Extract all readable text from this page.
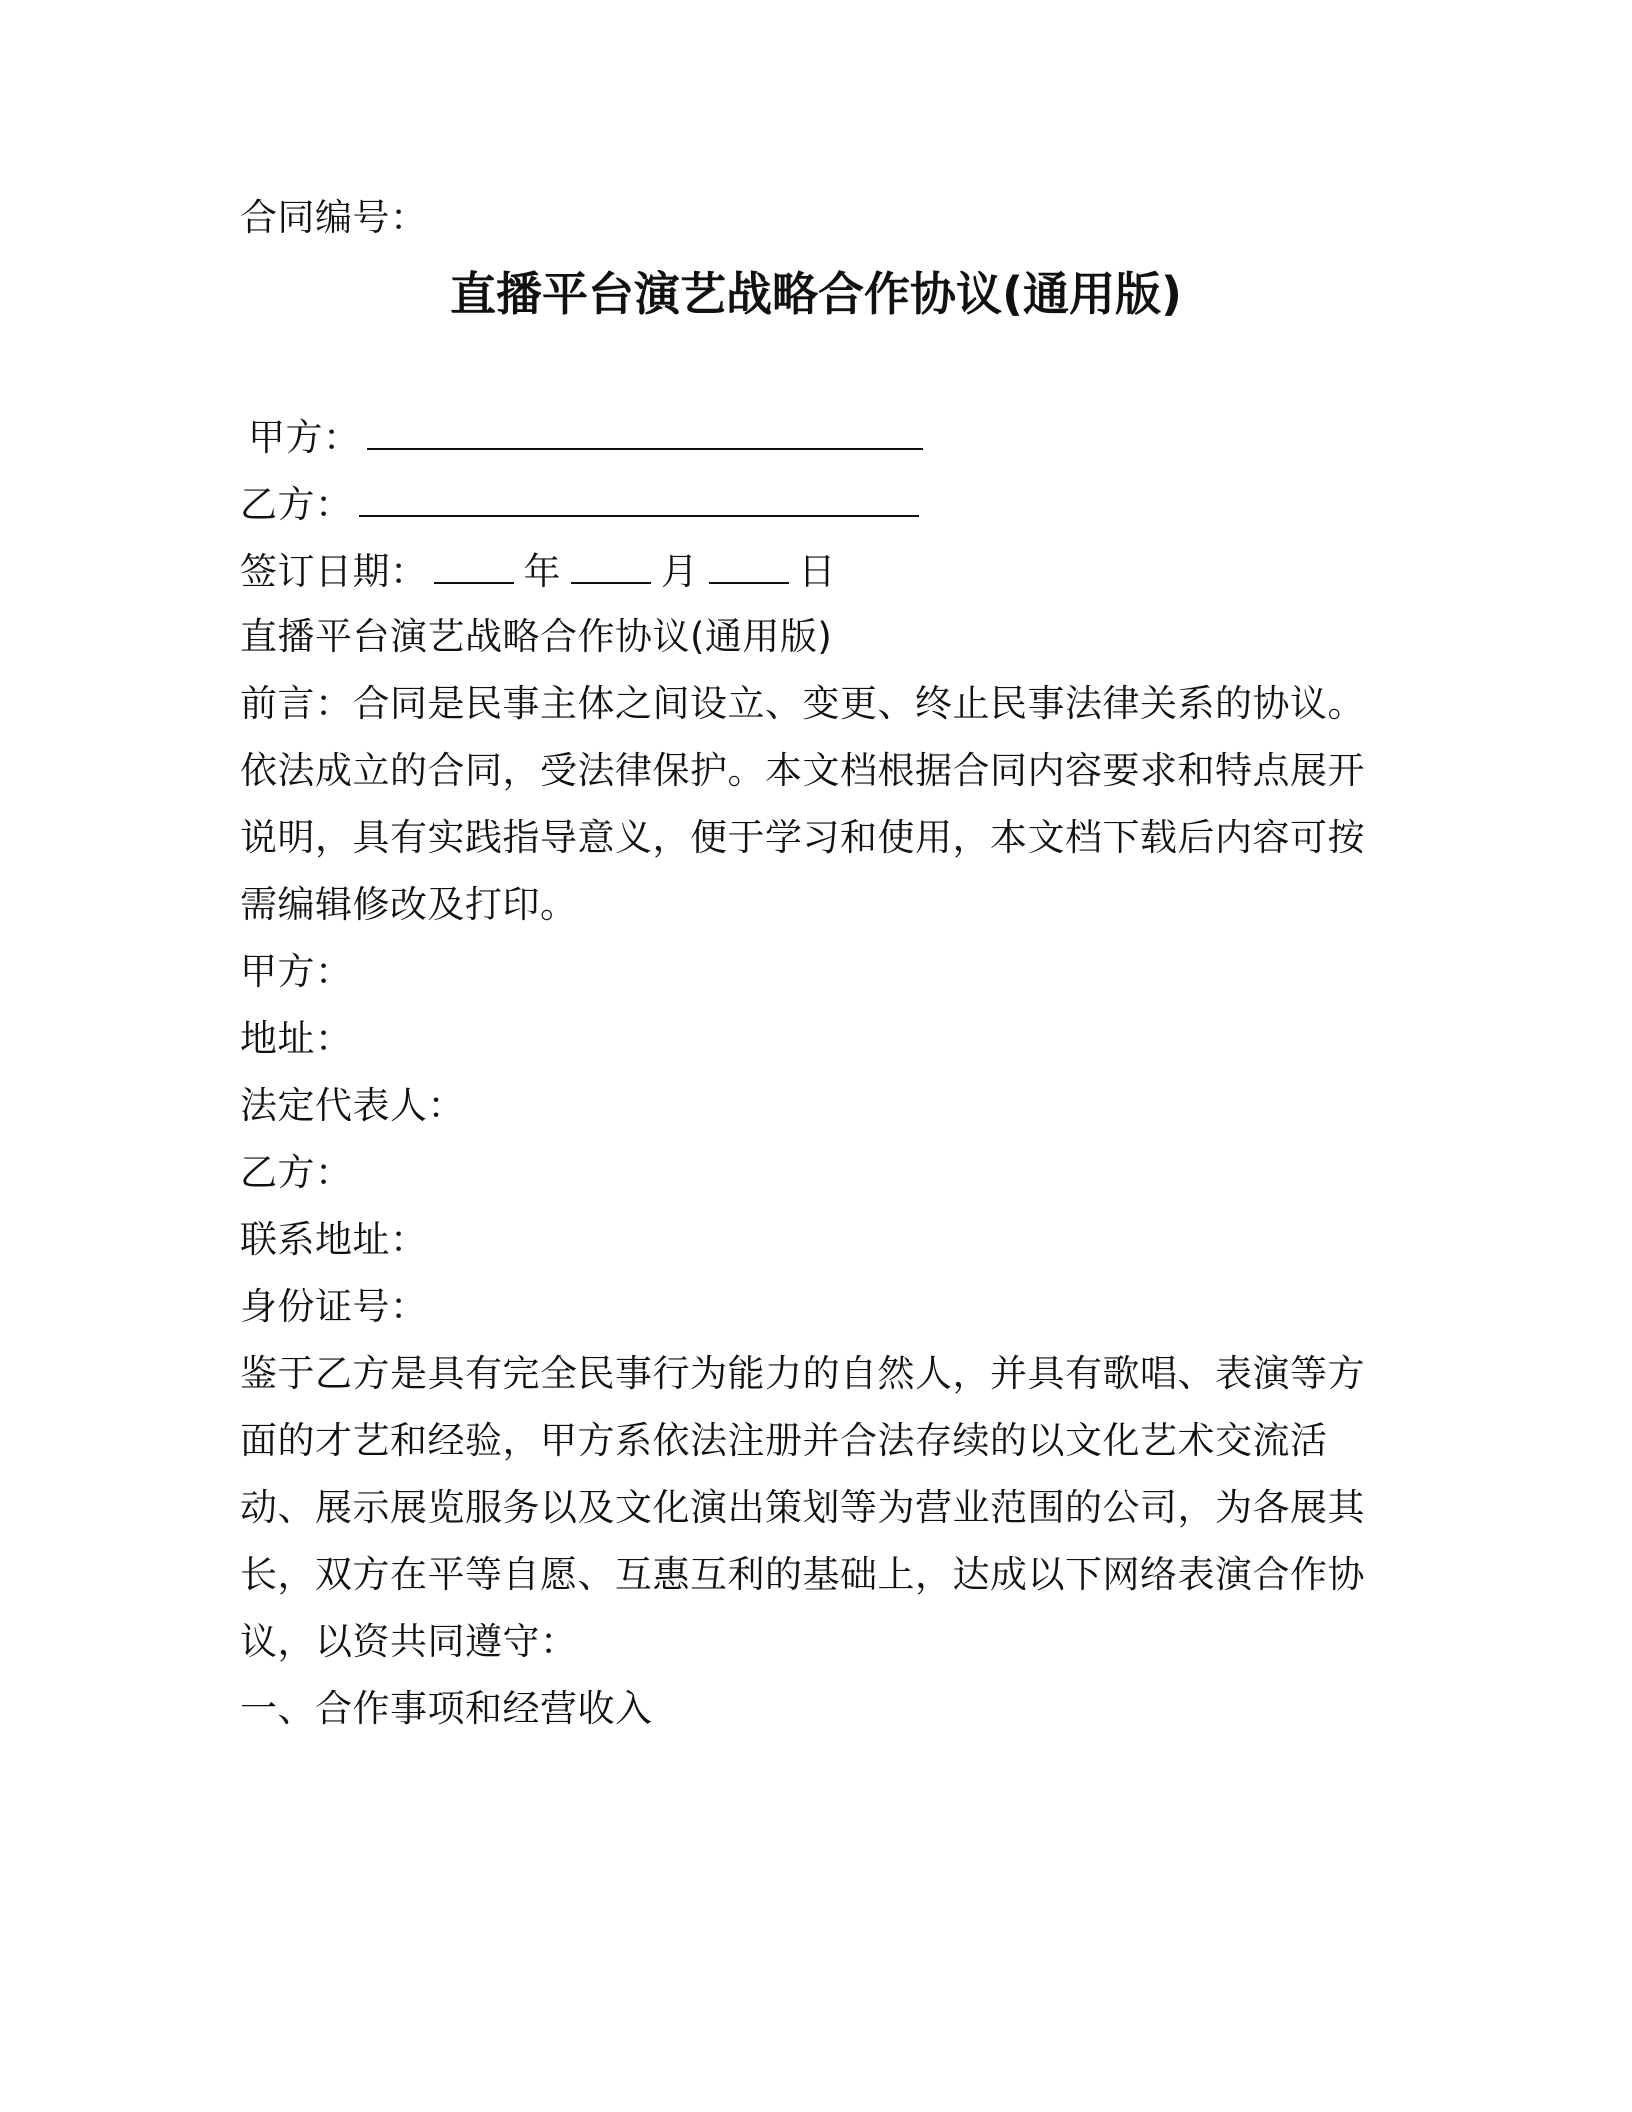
合同编号：
直播平台演艺战略合作协议(通用版)
甲方：
乙方：
签订日期：	年	月	日
直播平台演艺战略合作协议(通用版)
前言：合同是民事主体之间设立、变更、终止民事法律关系的协议。
依法成立的合同，受法律保护。本文档根据合同内容要求和特点展开
说明，具有实践指导意义，便于学习和使用，本文档下载后内容可按
需编辑修改及打印。
甲方：
地址：
法定代表人：
乙方：
联系地址：
身份证号：
鉴于乙方是具有完全民事行为能力的自然人，并具有歌唱、表演等方
面的才艺和经验，甲方系依法注册并合法存续的以文化艺术交流活
动、展示展览服务以及文化演出策划等为营业范围的公司，为各展其
长，双方在平等自愿、互惠互利的基础上，达成以下网络表演合作协
议，以资共同遵守：
一、合作事项和经营收入
